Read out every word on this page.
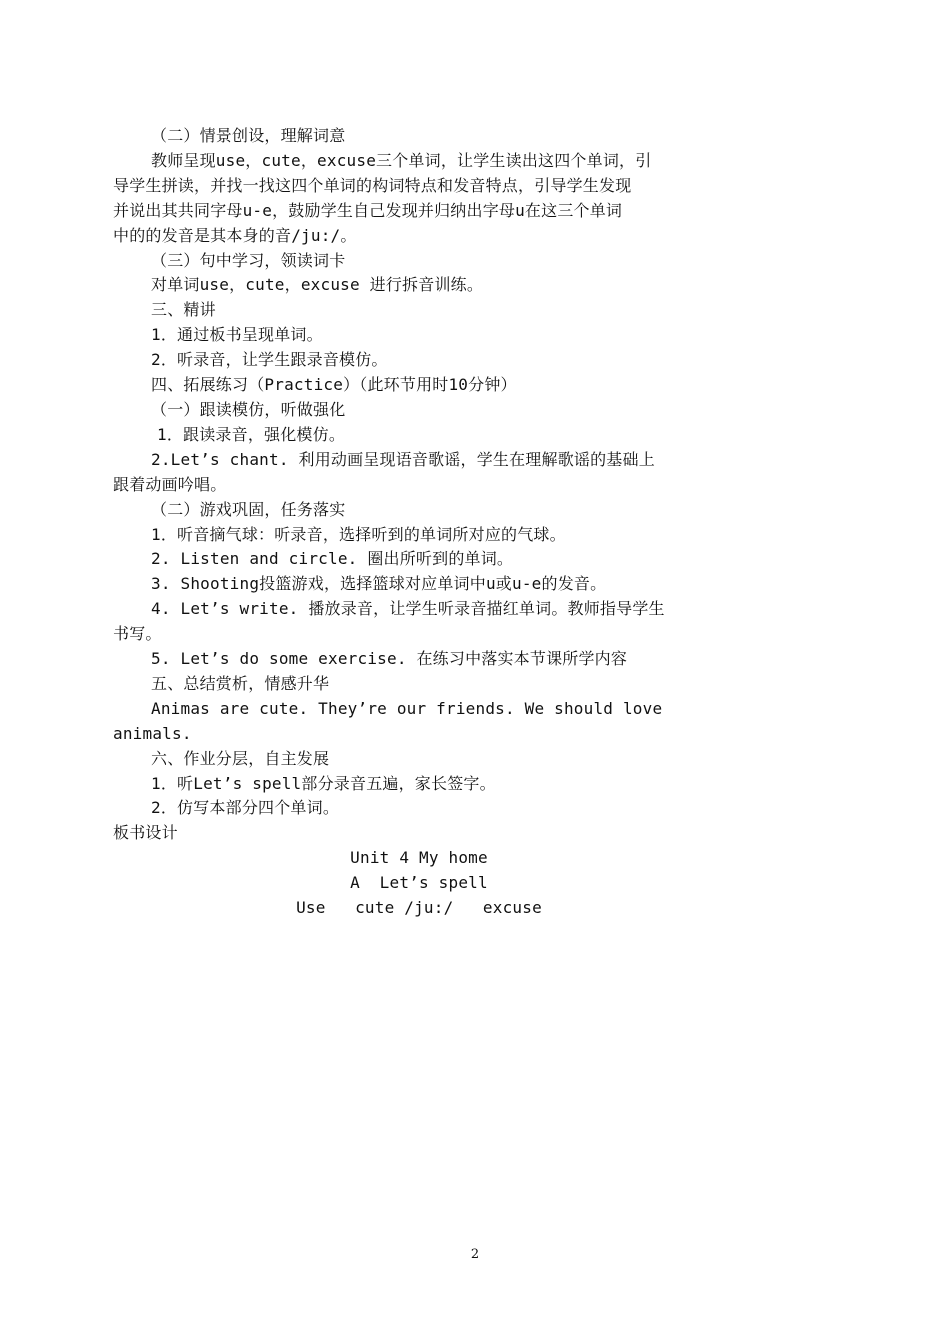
（二）情景创设，理解词意
教师呈现use，cute，excuse三个单词，让学生读出这四个单词，引
导学生拼读，并找一找这四个单词的构词特点和发音特点，引导学生发现
并说出其共同字母u-e，鼓励学生自己发现并归纳出字母u在这三个单词
中的的发音是其本身的音/ju:/。
（三）句中学习，领读词卡
对单词use，cute，excuse 进行拆音训练。
三、精讲
1．通过板书呈现单词。
2．听录音，让学生跟录音模仿。
四、拓展练习（Practice）（此环节用时10分钟）
（一）跟读模仿，听做强化
1．跟读录音，强化模仿。
2.Let’s chant. 利用动画呈现语音歌谣，学生在理解歌谣的基础上
跟着动画吟唱。
（二）游戏巩固，任务落实
1．听音摘气球：听录音，选择听到的单词所对应的气球。
2. Listen and circle. 圈出所听到的单词。
3. Shooting投篮游戏，选择篮球对应单词中u或u-e的发音。
4. Let’s write. 播放录音，让学生听录音描红单词。教师指导学生
书写。
5. Let’s do some exercise. 在练习中落实本节课所学内容
五、总结赏析，情感升华
Animas are cute. They’re our friends. We should love
animals.
六、作业分层，自主发展
1．听Let’s spell部分录音五遍，家长签字。
2．仿写本部分四个单词。
板书设计
Unit 4 My home
A  Let’s spell
Use   cute /ju:/   excuse
2
